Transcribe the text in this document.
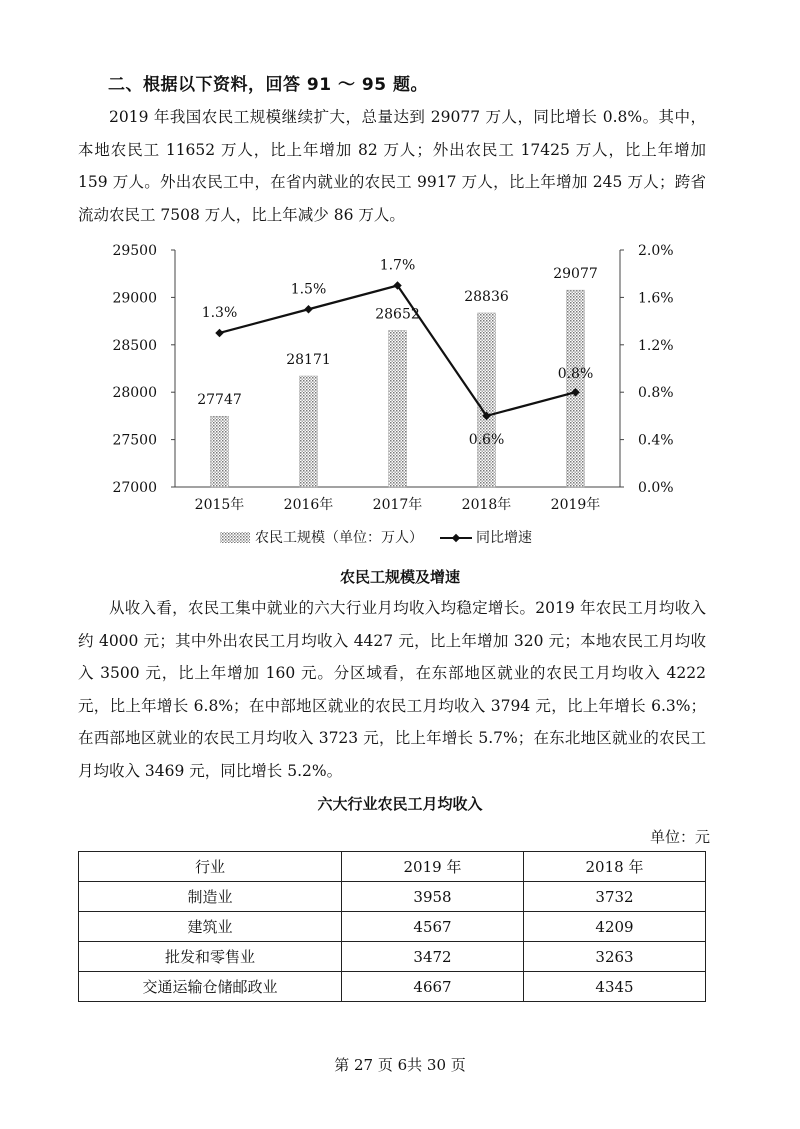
二、根据以下资料，回答 91 ～ 95 题。
2019 年我国农民工规模继续扩大，总量达到 29077 万人，同比增长 0.8%。其中，本地农民工 11652 万人，比上年增加 82 万人；外出农民工 17425 万人，比上年增加 159 万人。外出农民工中，在省内就业的农民工 9917 万人，比上年增加 245 万人；跨省流动农民工 7508 万人，比上年减少 86 万人。
27000
27500
28000
28500
29000
29500
0.0%
0.4%
0.8%
1.2%
1.6%
2.0%
27747
28171
28652
28836
29077
1.3%
1.5%
1.7%
0.6%
0.8%
2015年	2016年	2017年	2018年	2019年
农民工规模（单位：万人）	同比增速
农民工规模及增速
从收入看，农民工集中就业的六大行业月均收入均稳定增长。2019 年农民工月均收入约 4000 元；其中外出农民工月均收入 4427 元，比上年增加 320 元；本地农民工月均收入 3500 元，比上年增加 160 元。分区域看，在东部地区就业的农民工月均收入 4222 元，比上年增长 6.8%；在中部地区就业的农民工月均收入 3794 元，比上年增长 6.3%；在西部地区就业的农民工月均收入 3723 元，比上年增长 5.7%；在东北地区就业的农民工月均收入 3469 元，同比增长 5.2%。
六大行业农民工月均收入
单位：元
行业	2019 年	2018 年
制造业	3958	3732
建筑业	4567	4209
批发和零售业	3472	3263
交通运输仓储邮政业	4667	4345
第 27 页 6共 30 页
